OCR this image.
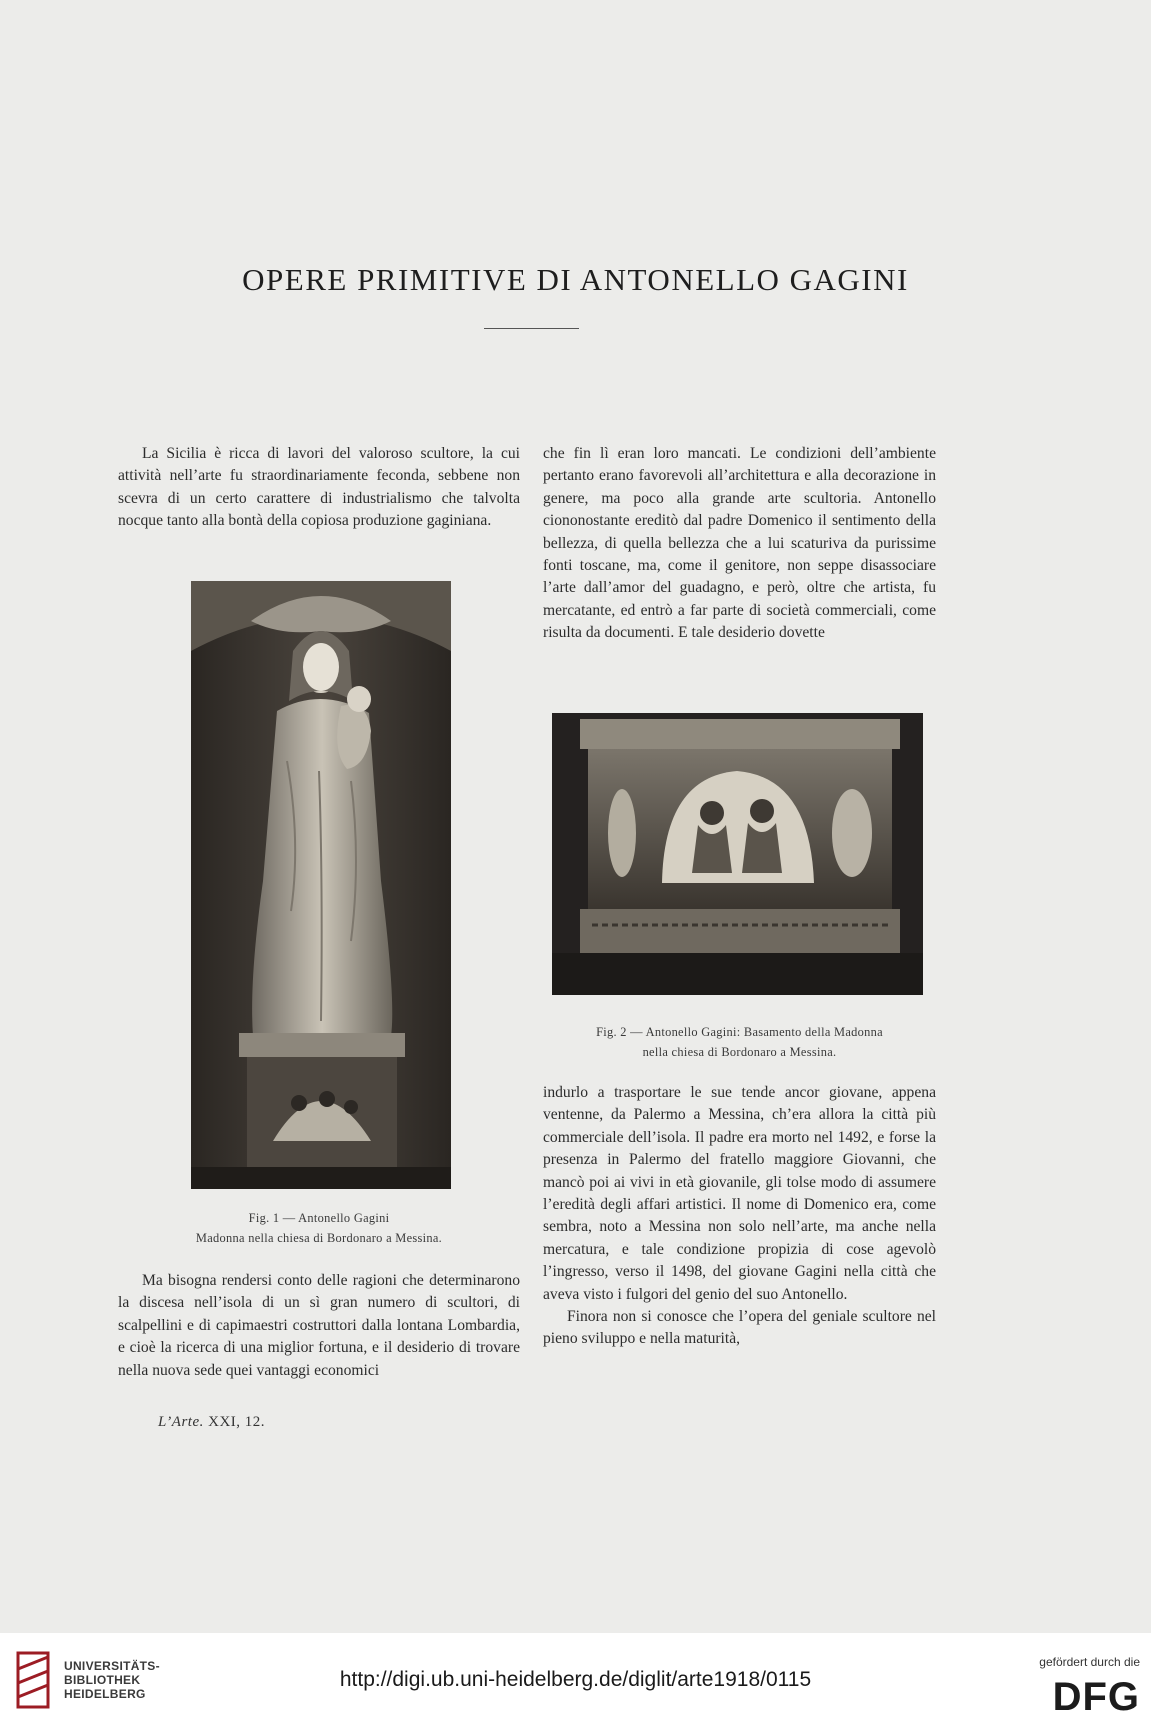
OPERE PRIMITIVE DI ANTONELLO GAGINI

La Sicilia è ricca di lavori del valoroso scultore, la cui attività nell’arte fu straordinariamente feconda, sebbene non scevra di un certo carattere di industrialismo che talvolta nocque tanto alla bontà della copiosa produzione gaginiana.

che fin lì eran loro mancati. Le condizioni dell’ambiente pertanto erano favorevoli all’architettura e alla decorazione in genere, ma poco alla grande arte scultoria. Antonello ciononostante ereditò dal padre Domenico il sentimento della bellezza, di quella bellezza che a lui scaturiva da purissime fonti toscane, ma, come il genitore, non seppe disassociare l’arte dall’amor del guadagno, e però, oltre che artista, fu mercatante, ed entrò a far parte di società commerciali, come risulta da documenti. E tale desiderio dovette

Fig. 1 — Antonello Gagini
Madonna nella chiesa di Bordonaro a Messina.
Fig. 2 — Antonello Gagini: Basamento della Madonna
nella chiesa di Bordonaro a Messina.
indurlo a trasportare le sue tende ancor giovane, appena ventenne, da Palermo a Messina, ch’era allora la città più commerciale dell’isola. Il padre era morto nel 1492, e forse la presenza in Palermo del fratello maggiore Giovanni, che mancò poi ai vivi in età giovanile, gli tolse modo di assumere l’eredità degli affari artistici. Il nome di Domenico era, come sembra, noto a Messina non solo nell’arte, ma anche nella mercatura, e tale condizione propizia di cose agevolò l’ingresso, verso il 1498, del giovane Gagini nella città che aveva visto i fulgori del genio del suo Antonello.
Finora non si conosce che l’opera del geniale scultore nel pieno sviluppo e nella maturità,

Ma bisogna rendersi conto delle ragioni che determinarono la discesa nell’isola di un sì gran numero di scultori, di scalpellini e di capimaestri costruttori dalla lontana Lombardia, e cioè la ricerca di una miglior fortuna, e il desiderio di trovare nella nuova sede quei vantaggi economici

L’Arte. XXI, 12.
UNIVERSITÄTS-
BIBLIOTHEK
HEIDELBERG
http://digi.ub.uni-heidelberg.de/diglit/arte1918/0115
gefördert durch die
DFG
